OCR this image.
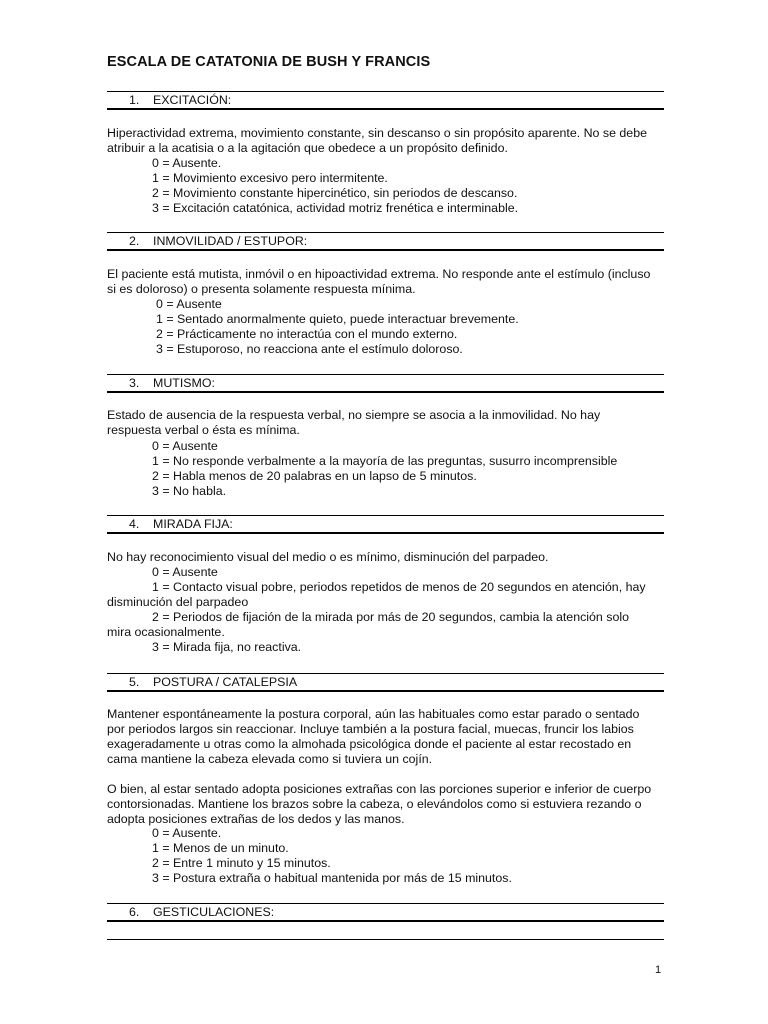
ESCALA DE CATATONIA DE BUSH Y FRANCIS
1. EXCITACIÓN:

Hiperactividad extrema, movimiento constante, sin descanso o sin propósito aparente. No se debe

atribuir a la acatisia o a la agitación que obedece a un propósito definido.

0 = Ausente.

1 = Movimiento excesivo pero intermitente.

2 = Movimiento constante hipercinético, sin periodos de descanso.

3 = Excitación catatónica, actividad motriz frenética e interminable.

2. INMOVILIDAD / ESTUPOR:

El paciente está mutista, inmóvil o en hipoactividad extrema. No responde ante el estímulo (incluso

si es doloroso) o presenta solamente respuesta mínima.

0 = Ausente

1 = Sentado anormalmente quieto, puede interactuar brevemente.

2 = Prácticamente no interactúa con el mundo externo.

3 = Estuporoso, no reacciona ante el estímulo doloroso.

3. MUTISMO:

Estado de ausencia de la respuesta verbal, no siempre se asocia a la inmovilidad. No hay

respuesta verbal o ésta es mínima.

0 = Ausente

1 = No responde verbalmente a la mayoría de las preguntas, susurro incomprensible

2 = Habla menos de 20 palabras en un lapso de 5 minutos.

3 = No habla.

4. MIRADA FIJA:

No hay reconocimiento visual del medio o es mínimo, disminución del parpadeo.

0 = Ausente

1 = Contacto visual pobre, periodos repetidos de menos de 20 segundos en atención, hay

disminución del parpadeo

2 = Periodos de fijación de la mirada por más de 20 segundos, cambia la atención solo

mira ocasionalmente.

3 = Mirada fija, no reactiva.

5. POSTURA / CATALEPSIA

Mantener espontáneamente la postura corporal, aún las habituales como estar parado o sentado

por periodos largos sin reaccionar. Incluye también a la postura facial, muecas, fruncir los labios

exageradamente u otras como la almohada psicológica donde el paciente al estar recostado en

cama mantiene la cabeza elevada como si tuviera un cojín.

O bien, al estar sentado adopta posiciones extrañas con las porciones superior e inferior de cuerpo

contorsionadas. Mantiene los brazos sobre la cabeza, o elevándolos como si estuviera rezando o

adopta posiciones extrañas de los dedos y las manos.

0 = Ausente.

1 = Menos de un minuto.

2 = Entre 1 minuto y 15 minutos.

3 = Postura extraña o habitual mantenida por más de 15 minutos.

6. GESTICULACIONES:
1
